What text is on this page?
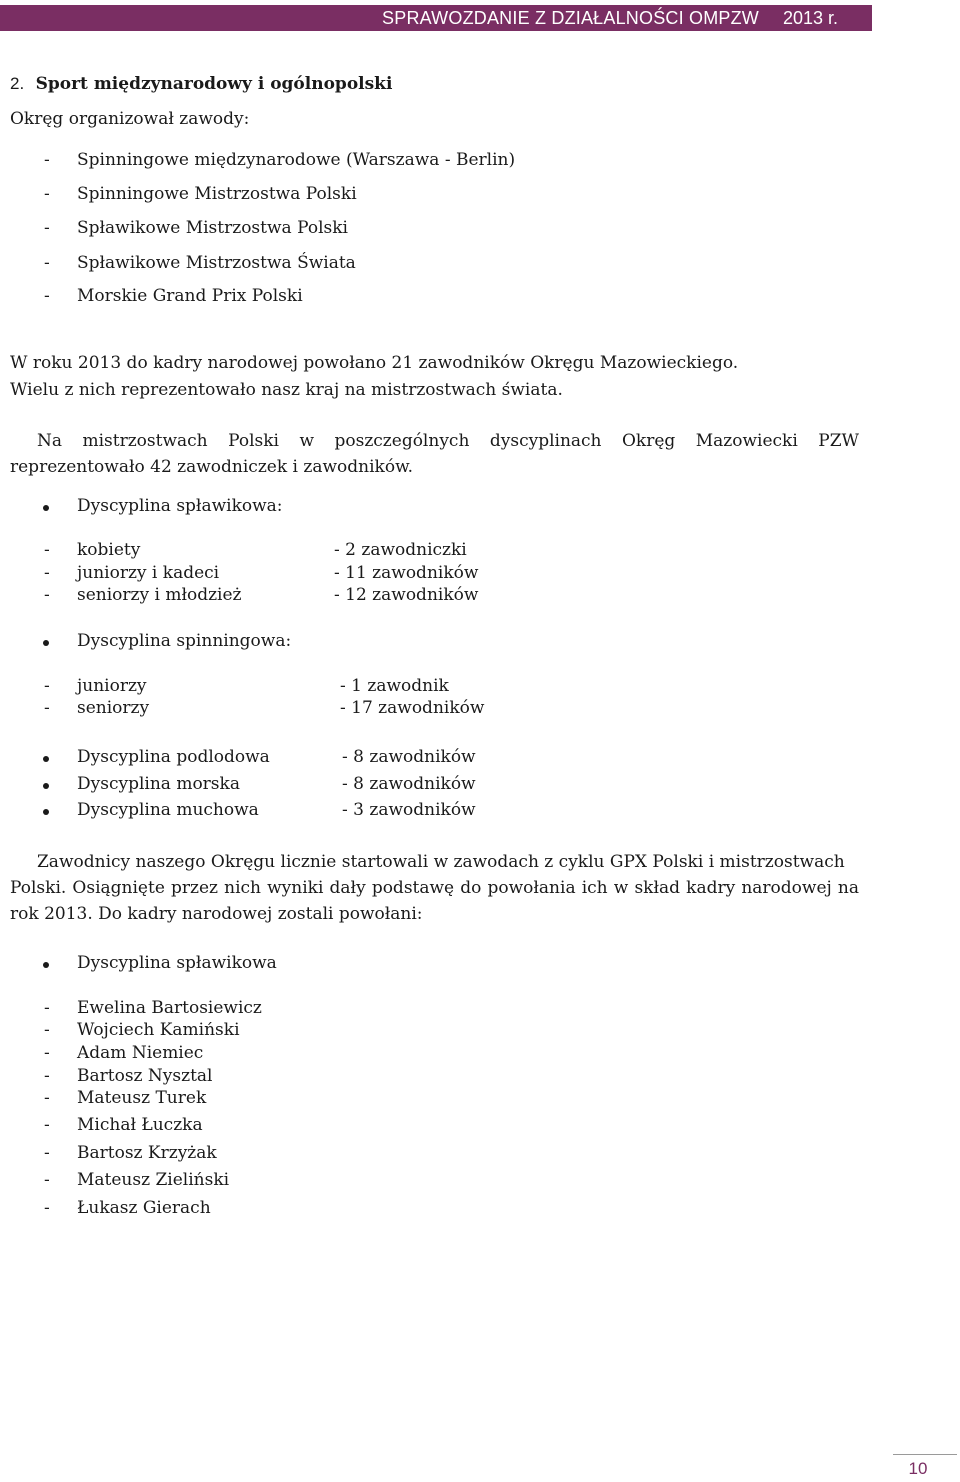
SPRAWOZDANIE Z DZIAŁALNOŚCI OMPZW 2013 r.
2. Sport międzynarodowy i ogólnopolski
Okręg organizował zawody:
- Spinningowe międzynarodowe (Warszawa - Berlin)
- Spinningowe Mistrzostwa Polski
- Spławikowe Mistrzostwa Polski
- Spławikowe Mistrzostwa Świata
- Morskie Grand Prix Polski
W roku 2013 do kadry narodowej powołano 21 zawodników Okręgu Mazowieckiego.
Wielu z nich reprezentowało nasz kraj na mistrzostwach świata.
Na mistrzostwach Polski w poszczególnych dyscyplinach Okręg Mazowiecki PZW
reprezentowało 42 zawodniczek i zawodników.
Dyscyplina spławikowa:
- kobiety	- 2 zawodniczki
- juniorzy i kadeci	- 11 zawodników
- seniorzy i młodzież	- 12 zawodników
Dyscyplina spinningowa:
- juniorzy	- 1 zawodnik
- seniorzy	- 17 zawodników
Dyscyplina podlodowa	- 8 zawodników
Dyscyplina morska	- 8 zawodników
Dyscyplina muchowa	- 3 zawodników
Zawodnicy naszego Okręgu licznie startowali w zawodach z cyklu GPX Polski i mistrzostwach
Polski. Osiągnięte przez nich wyniki dały podstawę do powołania ich w skład kadry narodowej na
rok 2013. Do kadry narodowej zostali powołani:
Dyscyplina spławikowa
- Ewelina Bartosiewicz
- Wojciech Kamiński
- Adam Niemiec
- Bartosz Nysztal
- Mateusz Turek
- Michał Łuczka
- Bartosz Krzyżak
- Mateusz Zieliński
- Łukasz Gierach
10
